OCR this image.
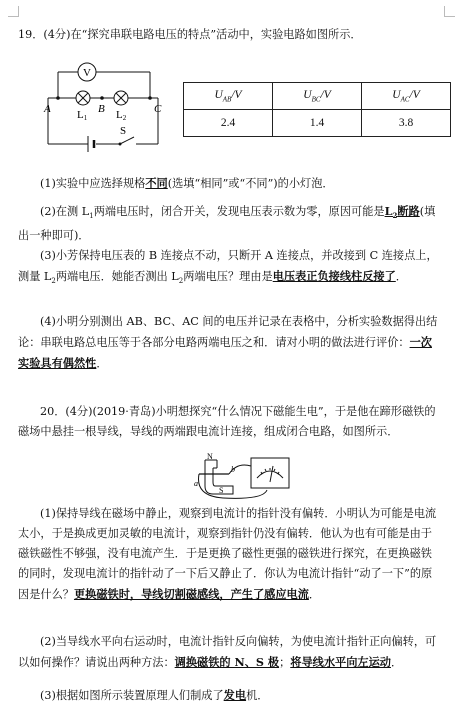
19．(4分)在“探究串联电路电压的特点”活动中，实验电路如图所示．
V
A	B	C
L1	L2
S
$U_{AB}/V$	$U_{BC}/V$	$U_{AC}/V$
2.4	1.4	3.8
(1)实验中应选择规格不同(选填“相同”或“不同”)的小灯泡．
(2)在测 $L_1$两端电压时，闭合开关，发现电压表示数为零，原因可能是$L_2$断路(填出一种即可)．
(3)小芳保持电压表的 B 连接点不动，只断开 A 连接点，并改接到 C 连接点上，测量 $L_2$两端电压．她能否测出 $L_2$两端电压？理由是电压表正负接线柱反接了．
(4)小明分别测出 AB、BC、AC 间的电压并记录在表格中，分析实验数据得出结论：串联电路总电压等于各部分电路两端电压之和．请对小明的做法进行评价：一次实验具有偶然性．
20．(4分)(2019·青岛)小明想探究“什么情况下磁能生电”，于是他在蹄形磁铁的磁场中悬挂一根导线，导线的两端跟电流计连接，组成闭合电路，如图所示．
N
S
a
b
(1)保持导线在磁场中静止，观察到电流计的指针没有偏转．小明认为可能是电流太小，于是换成更加灵敏的电流计，观察到指针仍没有偏转．他认为也有可能是由于磁铁磁性不够强，没有电流产生．于是更换了磁性更强的磁铁进行探究，在更换磁铁的同时，发现电流计的指针动了一下后又静止了．你认为电流计指针“动了一下”的原因是什么？更换磁铁时，导线切割磁感线，产生了感应电流．
(2)当导线水平向右运动时，电流计指针反向偏转，为使电流计指针正向偏转，可以如何操作？请说出两种方法：调换磁铁的 N、S 极；将导线水平向左运动．
(3)根据如图所示装置原理人们制成了发电机．
